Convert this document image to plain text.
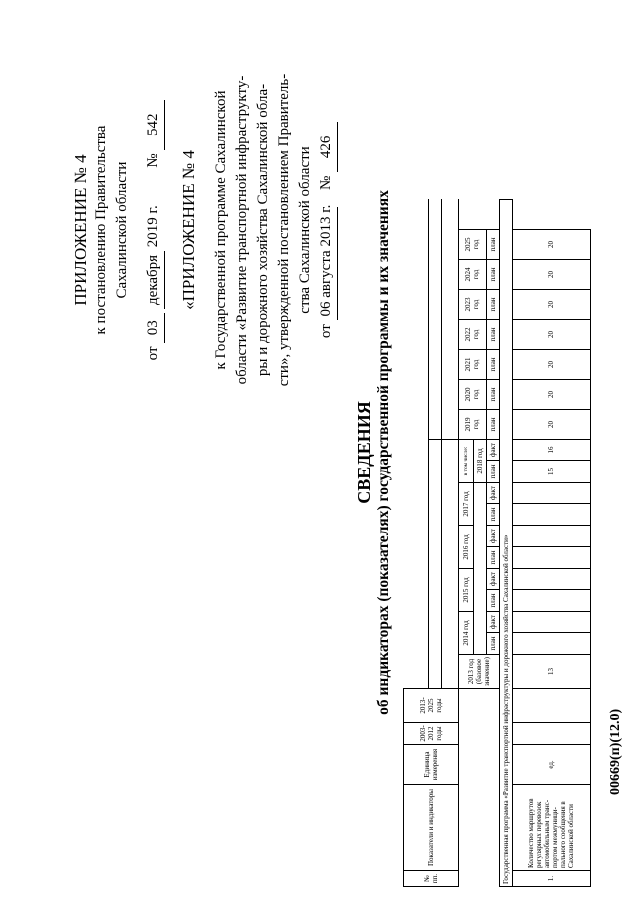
ПРИЛОЖЕНИЕ № 4 к постановлению Правительства Сахалинской области
от 03 декабря 2019 г.  № 542
«ПРИЛОЖЕНИЕ № 4 к Государственной программе Сахалинской области «Развитие транспортной инфраструкту- ры и дорожного хозяйства Сахалинской обла- сти», утвержденной постановлением Правитель- ства Сахалинской области
от 06 августа 2013 г.  № 426
СВЕДЕНИЯ об индикаторах (показателях) государственной программы и их значениях
№ пп.	Показатели и индикаторы	Единица измерения	2003-2012 годы	2013-2025 годы																			

					2013 год (базовое значение)	2014 год		2015 год		2016 год		2017 год		в том числе:		2019 год	2020 год	2021 год	2022 год	2023 год	2024 год	2025 год	
														2018 год									
						план	факт	план	факт	план	факт	план	факт	план	факт	план	план	план	план	план	план	план	
Государственная программа «Развитие транспортной инфраструктуры и дорожного хозяйства Сахалинской области»																							
1.	Количество маршрутов регулярных перевозок автомобильным транс-портом межмуници-пального сообщения в Сахалинской области	ед.			13									15	16	20	20	20	20	20	20	20	
00669(п)(12.0)
